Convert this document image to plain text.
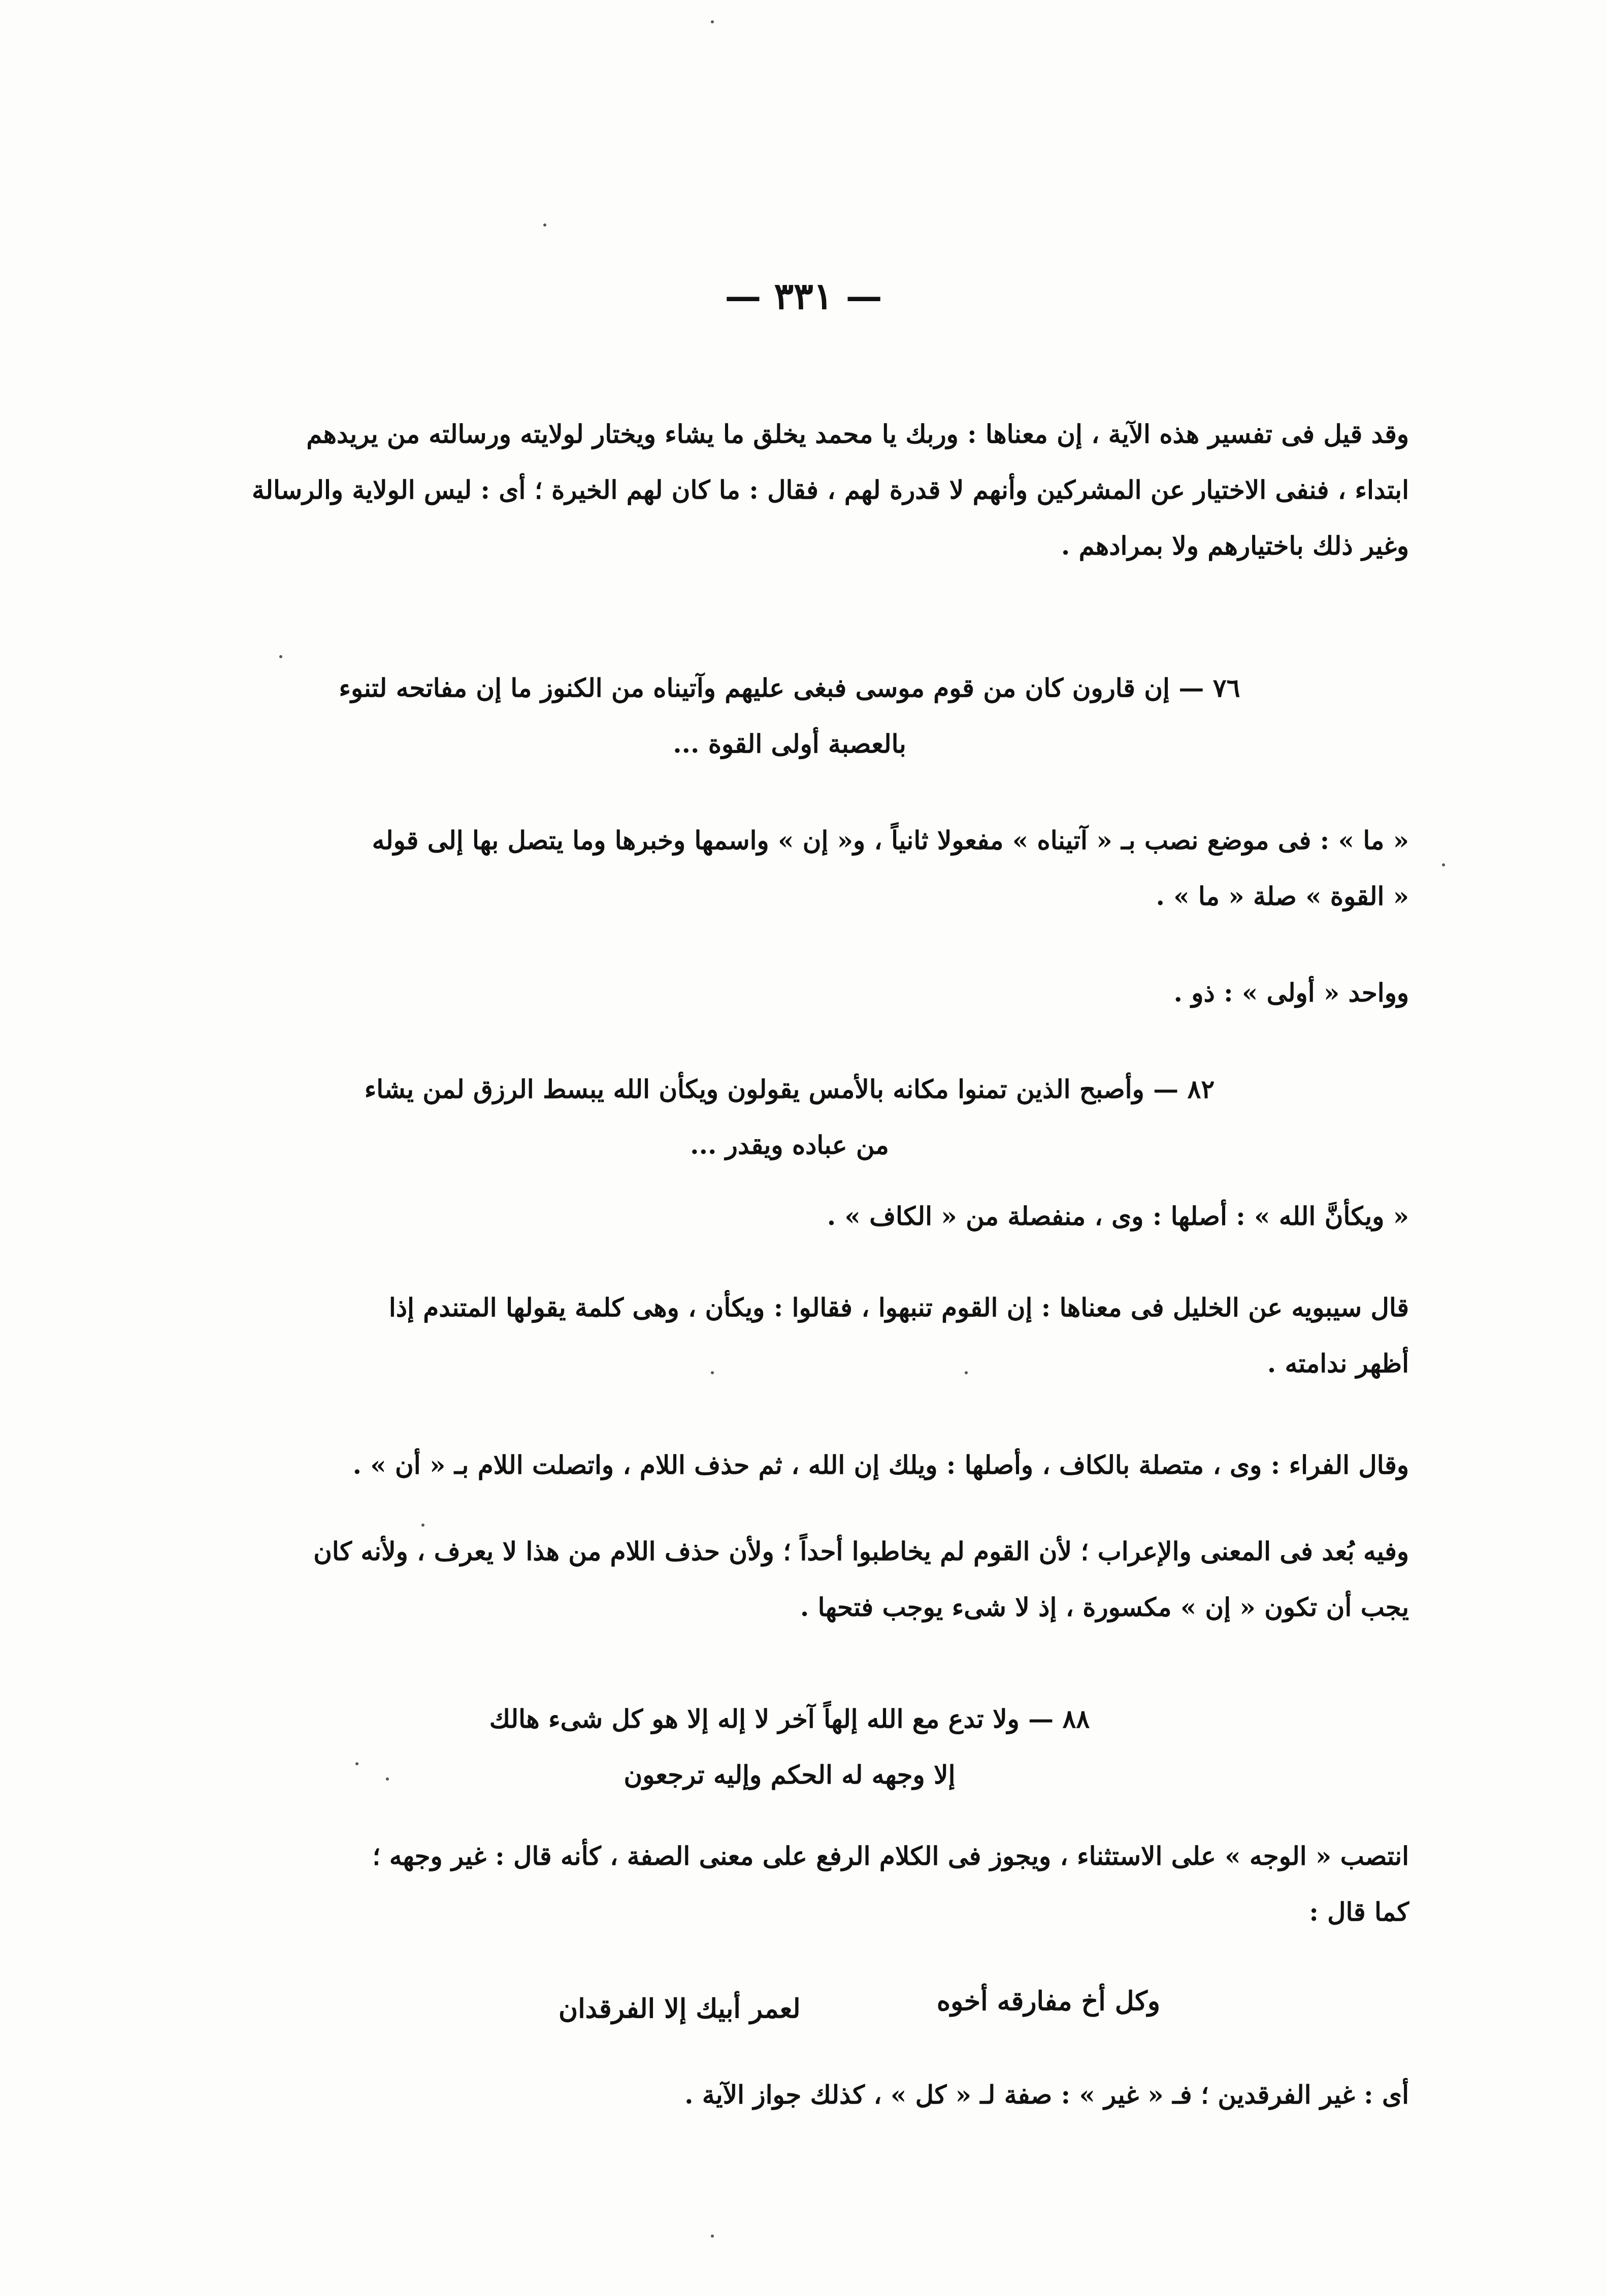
— ٣٣١ —
وقد قيل فى تفسير هذه الآية ، إن معناها : وربك يا محمد يخلق ما يشاء ويختار لولايته ورسالته من يريدهم
ابتداء ، فنفى الاختيار عن المشركين وأنهم لا قدرة لهم ، فقال : ما كان لهم الخيرة ؛ أى : ليس الولاية والرسالة
وغير ذلك باختيارهم ولا بمرادهم .
٧٦ — إن قارون كان من قوم موسى فبغى عليهم وآتيناه من الكنوز ما إن مفاتحه لتنوء
بالعصبة أولى القوة ...
« ما » : فى موضع نصب بـ « آتيناه » مفعولا ثانياً ، و« إن » واسمها وخبرها وما يتصل بها إلى قوله
« القوة » صلة « ما » .
وواحد « أولى » : ذو .
٨٢ — وأصبح الذين تمنوا مكانه بالأمس يقولون ويكأن الله يبسط الرزق لمن يشاء
من عباده ويقدر ...
« ويكأنَّ الله » : أصلها : وى ، منفصلة من « الكاف » .
قال سيبويه عن الخليل فى معناها : إن القوم تنبهوا ، فقالوا : ويكأن ، وهى كلمة يقولها المتندم إذا
أظهر ندامته .
وقال الفراء : وى ، متصلة بالكاف ، وأصلها : ويلك إن الله ، ثم حذف اللام ، واتصلت اللام بـ « أن » .
وفيه بُعد فى المعنى والإعراب ؛ لأن القوم لم يخاطبوا أحداً ؛ ولأن حذف اللام من هذا لا يعرف ، ولأنه كان
يجب أن تكون « إن » مكسورة ، إذ لا شىء يوجب فتحها .
٨٨ — ولا تدع مع الله إلهاً آخر لا إله إلا هو كل شىء هالك
إلا وجهه له الحكم وإليه ترجعون
انتصب « الوجه » على الاستثناء ، ويجوز فى الكلام الرفع على معنى الصفة ، كأنه قال : غير وجهه ؛
كما قال :
وكل أخ مفارقه أخوه
لعمر أبيك إلا الفرقدان
أى : غير الفرقدين ؛ فـ « غير » : صفة لـ « كل » ، كذلك جواز الآية .
